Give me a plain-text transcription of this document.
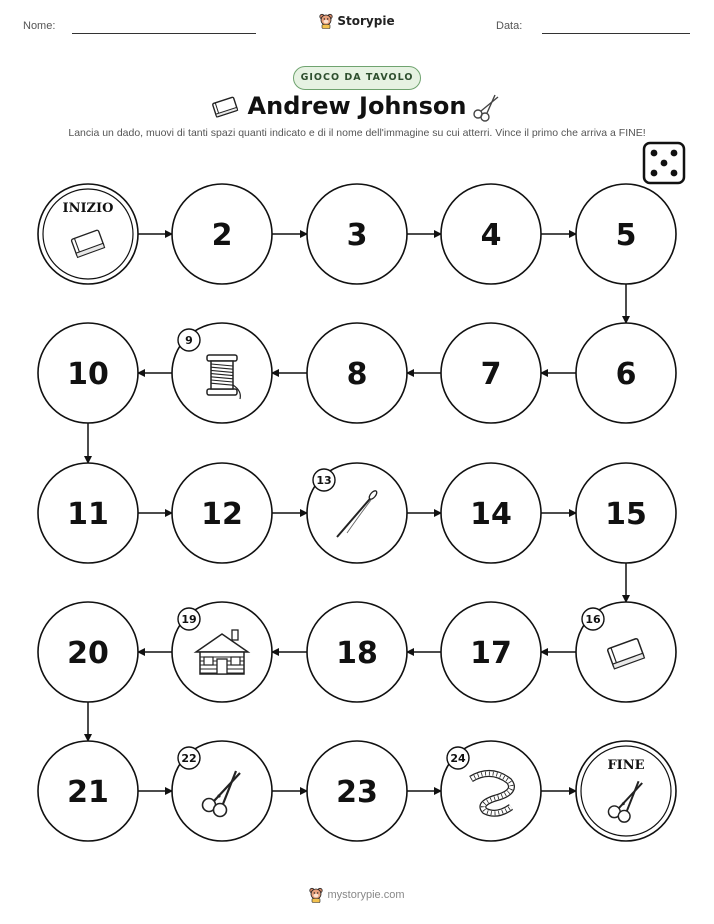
Nome:	Data:
Storypie
GIOCO DA TAVOLO
Andrew Johnson
Lancia un dado, muovi di tanti spazi quanti indicato e di il nome dell'immagine su cui atterri. Vince il primo che arriva a FINE!
INIZIO
2	3	4	5
10
9
8	7	6
11	12
13
14	15
20
19
18	17
16
21
22
23
24	FINE
mystorypie.com
